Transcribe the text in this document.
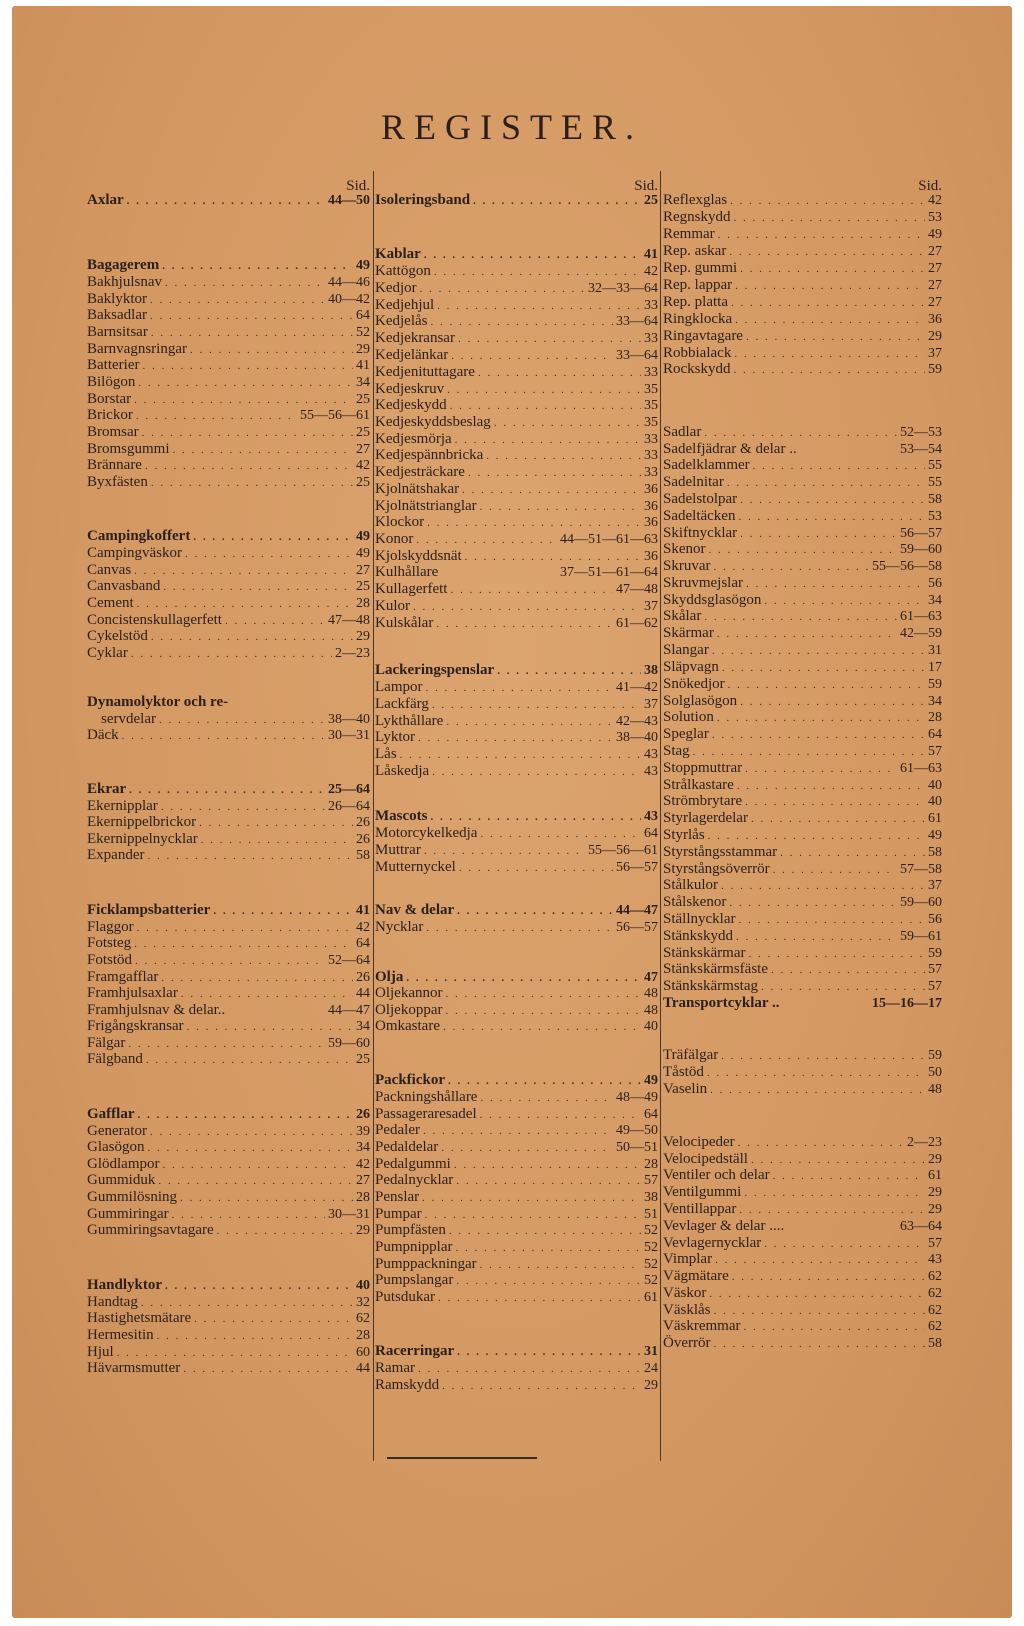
REGISTER.
Sid.
Axlar . . .	44—50
Bagagerem . . .	49
Bakhjulsnav . . .	44—46
Baklyktor . . .	40—42
Baksadlar . . .	64
Barnsitsar . . .	52
Barnvagnsringar . . .	29
Batterier . . .	41
Bilögon . . .	34
Borstar . . .	25
Brickor . . .	55—56—61
Bromsar . . .	25
Bromsgummi . . .	27
Brännare . . .	42
Byxfästen . . .	25
Campingkoffert . . .	49
Campingväskor . . .	49
Canvas . . .	27
Canvasband . . .	25
Cement . . .	28
Concistenskullagerfett . . .	47—48
Cykelstöd . . .	29
Cyklar . . .	2—23
Dynamolyktor och re-
servdelar . . .	38—40
Däck . . .	30—31
Ekrar . . .	25—64
Ekernipplar . . .	26—64
Ekernippelbrickor . . .	26
Ekernippelnycklar . . .	26
Expander . . .	58
Ficklampsbatterier . . .	41
Flaggor . . .	42
Fotsteg . . .	64
Fotstöd . . .	52—64
Framgafflar . . .	26
Framhjulsaxlar . . .	44
Framhjulsnav & delar..	44—47
Frigångskransar . . .	34
Fälgar . . .	59—60
Fälgband . . .	25
Gafflar . . .	26
Generator . . .	39
Glasögon . . .	34
Glödlampor . . .	42
Gummiduk . . .	27
Gummilösning . . .	28
Gummiringar . . .	30—31
Gummiringsavtagare . . .	29
Handlyktor . . .	40
Handtag . . .	32
Hastighetsmätare . . .	62
Hermesitin . . .	28
Hjul . . .	60
Hävarmsmutter . . .	44
Sid.
Isoleringsband . . .	25
Kablar . . .	41
Kattögon . . .	42
Kedjor . . .	32—33—64
Kedjehjul . . .	33
Kedjelås . . .	33—64
Kedjekransar . . .	33
Kedjelänkar . . .	33—64
Kedjenituttagare . . .	33
Kedjeskruv . . .	35
Kedjeskydd . . .	35
Kedjeskyddsbeslag . . .	35
Kedjesmörja . . .	33
Kedjespännbricka . . .	33
Kedjesträckare . . .	33
Kjolnätshakar . . .	36
Kjolnätstrianglar . . .	36
Klockor . . .	36
Konor . . .	44—51—61—63
Kjolskyddsnät . . .	36
Kulhållare	37—51—61—64
Kullagerfett . . .	47—48
Kulor . . .	37
Kulskålar . . .	61—62
Lackeringspenslar . . .	38
Lampor . . .	41—42
Lackfärg . . .	37
Lykthållare . . .	42—43
Lyktor . . .	38—40
Lås . . .	43
Låskedja . . .	43
Mascots . . .	43
Motorcykelkedja . . .	64
Muttrar . . .	55—56—61
Mutternyckel . . .	56—57
Nav & delar . . .	44—47
Nycklar . . .	56—57
Olja . . .	47
Oljekannor . . .	48
Oljekoppar . . .	48
Omkastare . . .	40
Packfickor . . .	49
Packningshållare . . .	48—49
Passageraresadel . . .	64
Pedaler . . .	49—50
Pedaldelar . . .	50—51
Pedalgummi . . .	28
Pedalnycklar . . .	57
Penslar . . .	38
Pumpar . . .	51
Pumpfästen . . .	52
Pumpnipplar . . .	52
Pumppackningar . . .	52
Pumpslangar . . .	52
Putsdukar . . .	61
Racerringar . . .	31
Ramar . . .	24
Ramskydd . . .	29
Sid.
Reflexglas . . .	42
Regnskydd . . .	53
Remmar . . .	49
Rep. askar . . .	27
Rep. gummi . . .	27
Rep. lappar . . .	27
Rep. platta . . .	27
Ringklocka . . .	36
Ringavtagare . . .	29
Robbialack . . .	37
Rockskydd . . .	59
Sadlar . . .	52—53
Sadelfjädrar & delar ..	53—54
Sadelklammer . . .	55
Sadelnitar . . .	55
Sadelstolpar . . .	58
Sadeltäcken . . .	53
Skiftnycklar . . .	56—57
Skenor . . .	59—60
Skruvar . . .	55—56—58
Skruvmejslar . . .	56
Skyddsglasögon . . .	34
Skålar . . .	61—63
Skärmar . . .	42—59
Slangar . . .	31
Släpvagn . . .	17
Snökedjor . . .	59
Solglasögon . . .	34
Solution . . .	28
Speglar . . .	64
Stag . . .	57
Stoppmuttrar . . .	61—63
Strålkastare . . .	40
Strömbrytare . . .	40
Styrlagerdelar . . .	61
Styrlås . . .	49
Styrstångsstammar . . .	58
Styrstångsöverrör . . .	57—58
Stålkulor . . .	37
Stålskenor . . .	59—60
Ställnycklar . . .	56
Stänkskydd . . .	59—61
Stänkskärmar . . .	59
Stänkskärmsfäste . . .	57
Stänkskärmstag . . .	57
Transportcyklar ..	15—16—17
Träfälgar . . .	59
Tåstöd . . .	50
Vaselin . . .	48
Velocipeder . . .	2—23
Velocipedställ . . .	29
Ventiler och delar . . .	61
Ventilgummi . . .	29
Ventillappar . . .	29
Vevlager & delar ....	63—64
Vevlagernycklar . . .	57
Vimplar . . .	43
Vägmätare . . .	62
Väskor . . .	62
Väsklås . . .	62
Väskremmar . . .	62
Överrör . . .	58
